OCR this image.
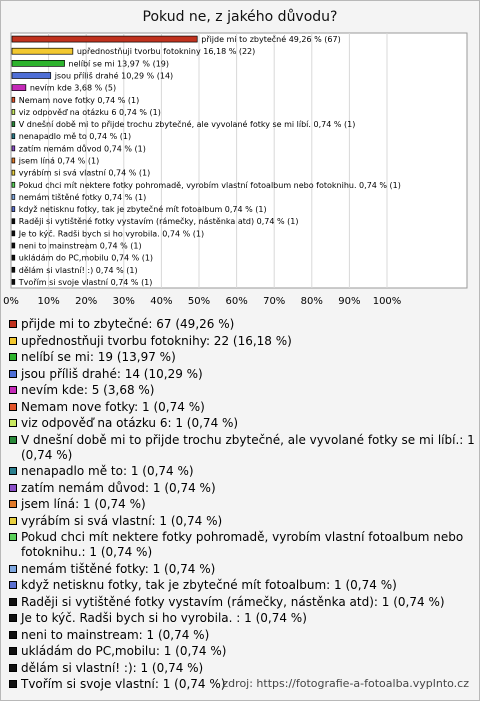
Pokud ne, z jakého důvodu?
0% 10% 20% 30% 40% 50% 60% 70% 80% 90% 100%
přijde mi to zbytečné 49,26 % (67)
upřednostňuji tvorbu fotokniny 16,18 % (22)
nelíbí se mi 13,97 % (19)
jsou příliš drahé 10,29 % (14)
nevím kde 3,68 % (5)
Nemam nove fotky 0,74 % (1)
viz odpověď na otázku 6 0,74 % (1)
V dnešní době mi to přijde trochu zbytečné, ale vyvolané fotky se mi líbí. 0,74 % (1)
nenapadlo mě to 0,74 % (1)
zatím nemám důvod 0,74 % (1)
jsem líná 0,74 % (1)
vyrábím si svá vlastní 0,74 % (1)
Pokud chci mít nektere fotky pohromadě, vyrobím vlastní fotoalbum nebo fotoknihu. 0,74 % (1)
nemám tištěné fotky 0,74 % (1)
když netisknu fotky, tak je zbytečné mít fotoalbum 0,74 % (1)
Raději si vytištěné fotky vystavím (rámečky, nástěnka atd) 0,74 % (1)
Je to kýč. Radši bych si ho vyrobila. 0,74 % (1)
neni to mainstream 0,74 % (1)
ukládám do PC,mobilu 0,74 % (1)
dělám si vlastní! :) 0,74 % (1)
Tvořím si svoje vlastní 0,74 % (1)
přijde mi to zbytečné: 67 (49,26 %)
upřednostňuji tvorbu fotoknihy: 22 (16,18 %)
nelíbí se mi: 19 (13,97 %)
jsou příliš drahé: 14 (10,29 %)
nevím kde: 5 (3,68 %)
Nemam nove fotky: 1 (0,74 %)
viz odpověď na otázku 6: 1 (0,74 %)
V dnešní době mi to přijde trochu zbytečné, ale vyvolané fotky se mi líbí.: 1 (0,74 %)
nenapadlo mě to: 1 (0,74 %)
zatím nemám důvod: 1 (0,74 %)
jsem líná: 1 (0,74 %)
vyrábím si svá vlastní: 1 (0,74 %)
Pokud chci mít nektere fotky pohromadě, vyrobím vlastní fotoalbum nebo fotoknihu.: 1 (0,74 %)
nemám tištěné fotky: 1 (0,74 %)
když netisknu fotky, tak je zbytečné mít fotoalbum: 1 (0,74 %)
Raději si vytištěné fotky vystavím (rámečky, nástěnka atd): 1 (0,74 %)
Je to kýč. Radši bych si ho vyrobila. : 1 (0,74 %)
neni to mainstream: 1 (0,74 %)
ukládám do PC,mobilu: 1 (0,74 %)
dělám si vlastní! :): 1 (0,74 %)
Tvořím si svoje vlastní: 1 (0,74 %)
zdroj: https://fotografie-a-fotoalba.vyplnto.cz
